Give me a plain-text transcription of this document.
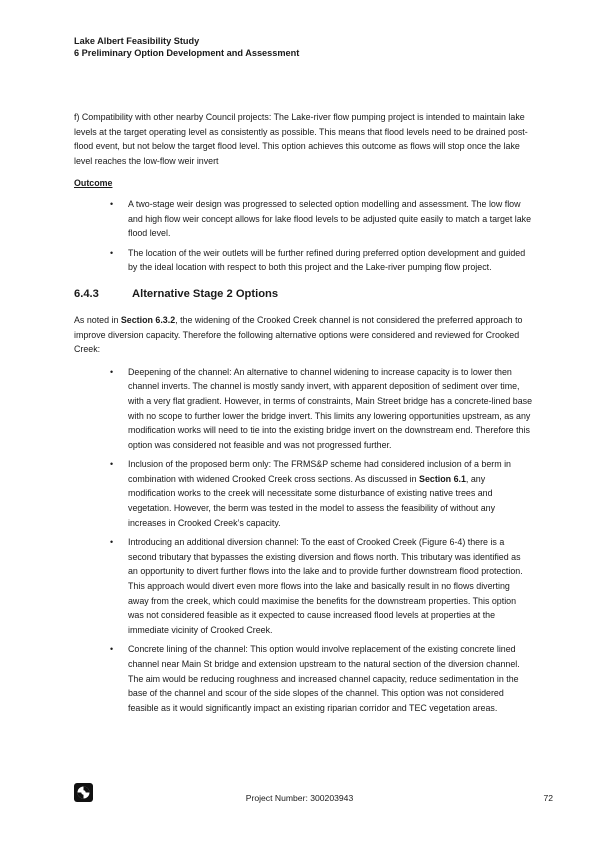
Lake Albert Feasibility Study
6 Preliminary Option Development and Assessment

f) Compatibility with other nearby Council projects: The Lake-river flow pumping project is intended to maintain lake levels at the target operating level as consistently as possible. This means that flood levels need to be drained post-flood event, but not below the target flood level. This option achieves this outcome as flows will stop once the lake level reaches the low-flow weir invert

Outcome
• A two-stage weir design was progressed to selected option modelling and assessment. The low flow and high flow weir concept allows for lake flood levels to be adjusted quite easily to match a target lake flood level.
• The location of the weir outlets will be further refined during preferred option development and guided by the ideal location with respect to both this project and the Lake-river pumping flow project.
6.4.3	Alternative Stage 2 Options

As noted in Section 6.3.2, the widening of the Crooked Creek channel is not considered the preferred approach to improve diversion capacity. Therefore the following alternative options were considered and reviewed for Crooked Creek:

• Deepening of the channel: An alternative to channel widening to increase capacity is to lower then channel inverts. The channel is mostly sandy invert, with apparent deposition of sediment over time, with a very flat gradient. However, in terms of constraints, Main Street bridge has a concrete-lined base with no scope to further lower the bridge invert. This limits any lowering opportunities upstream, as any modification works will need to tie into the existing bridge invert on the downstream end. Therefore this option was considered not feasible and was not progressed further.
• Inclusion of the proposed berm only: The FRMS&P scheme had considered inclusion of a berm in combination with widened Crooked Creek cross sections. As discussed in Section 6.1, any modification works to the creek will necessitate some disturbance of existing native trees and vegetation. However, the berm was tested in the model to assess the feasibility of without any increases in Crooked Creek’s capacity.
• Introducing an additional diversion channel: To the east of Crooked Creek (Figure 6-4) there is a second tributary that bypasses the existing diversion and flows north. This tributary was identified as an opportunity to divert further flows into the lake and to provide further downstream flood protection. This approach would divert even more flows into the lake and basically result in no flows diverting away from the creek, which could maximise the benefits for the downstream properties. This option was not considered feasible as it expected to cause increased flood levels at properties at the immediate vicinity of Crooked Creek.
• Concrete lining of the channel: This option would involve replacement of the existing concrete lined channel near Main St bridge and extension upstream to the natural section of the diversion channel. The aim would be reducing roughness and increased channel capacity, reduce sedimentation in the base of the channel and scour of the side slopes of the channel. This option was not considered feasible as it would significantly impact an existing riparian corridor and TEC vegetation areas.
Project Number: 300203943	72
